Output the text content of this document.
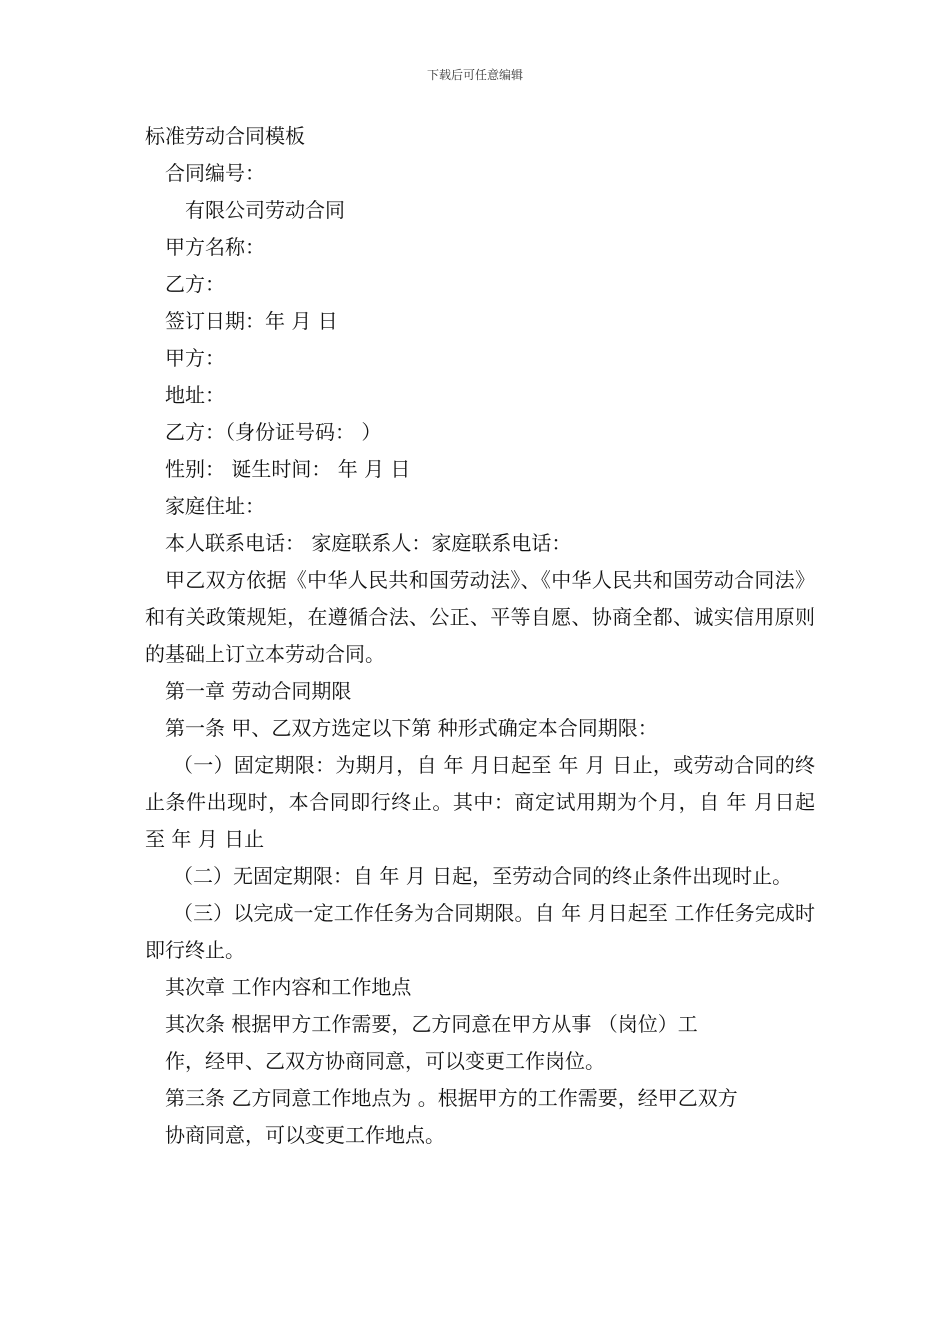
下载后可任意编辑
标准劳动合同模板
合同编号：
有限公司劳动合同
甲方名称：
乙方：
签订日期：年 月 日
甲方：
地址：
乙方：（身份证号码： ）
性别： 诞生时间： 年 月 日
家庭住址：
本人联系电话： 家庭联系人：家庭联系电话：
甲乙双方依据《中华人民共和国劳动法》、《中华人民共和国劳动合同法》和有关政策规矩，在遵循合法、公正、平等自愿、协商全都、诚实信用原则的基础上订立本劳动合同。
第一章 劳动合同期限
第一条 甲、乙双方选定以下第 种形式确定本合同期限：
（一）固定期限：为期月，自 年 月日起至 年 月 日止，或劳动合同的终止条件出现时，本合同即行终止。其中：商定试用期为个月，自 年 月日起至 年 月 日止
（二）无固定期限：自 年 月 日起，至劳动合同的终止条件出现时止。
（三）以完成一定工作任务为合同期限。自 年 月日起至 工作任务完成时即行终止。
其次章 工作内容和工作地点
其次条 根据甲方工作需要，乙方同意在甲方从事 （岗位）工
作，经甲、乙双方协商同意，可以变更工作岗位。
第三条 乙方同意工作地点为 。根据甲方的工作需要，经甲乙双方
协商同意，可以变更工作地点。
